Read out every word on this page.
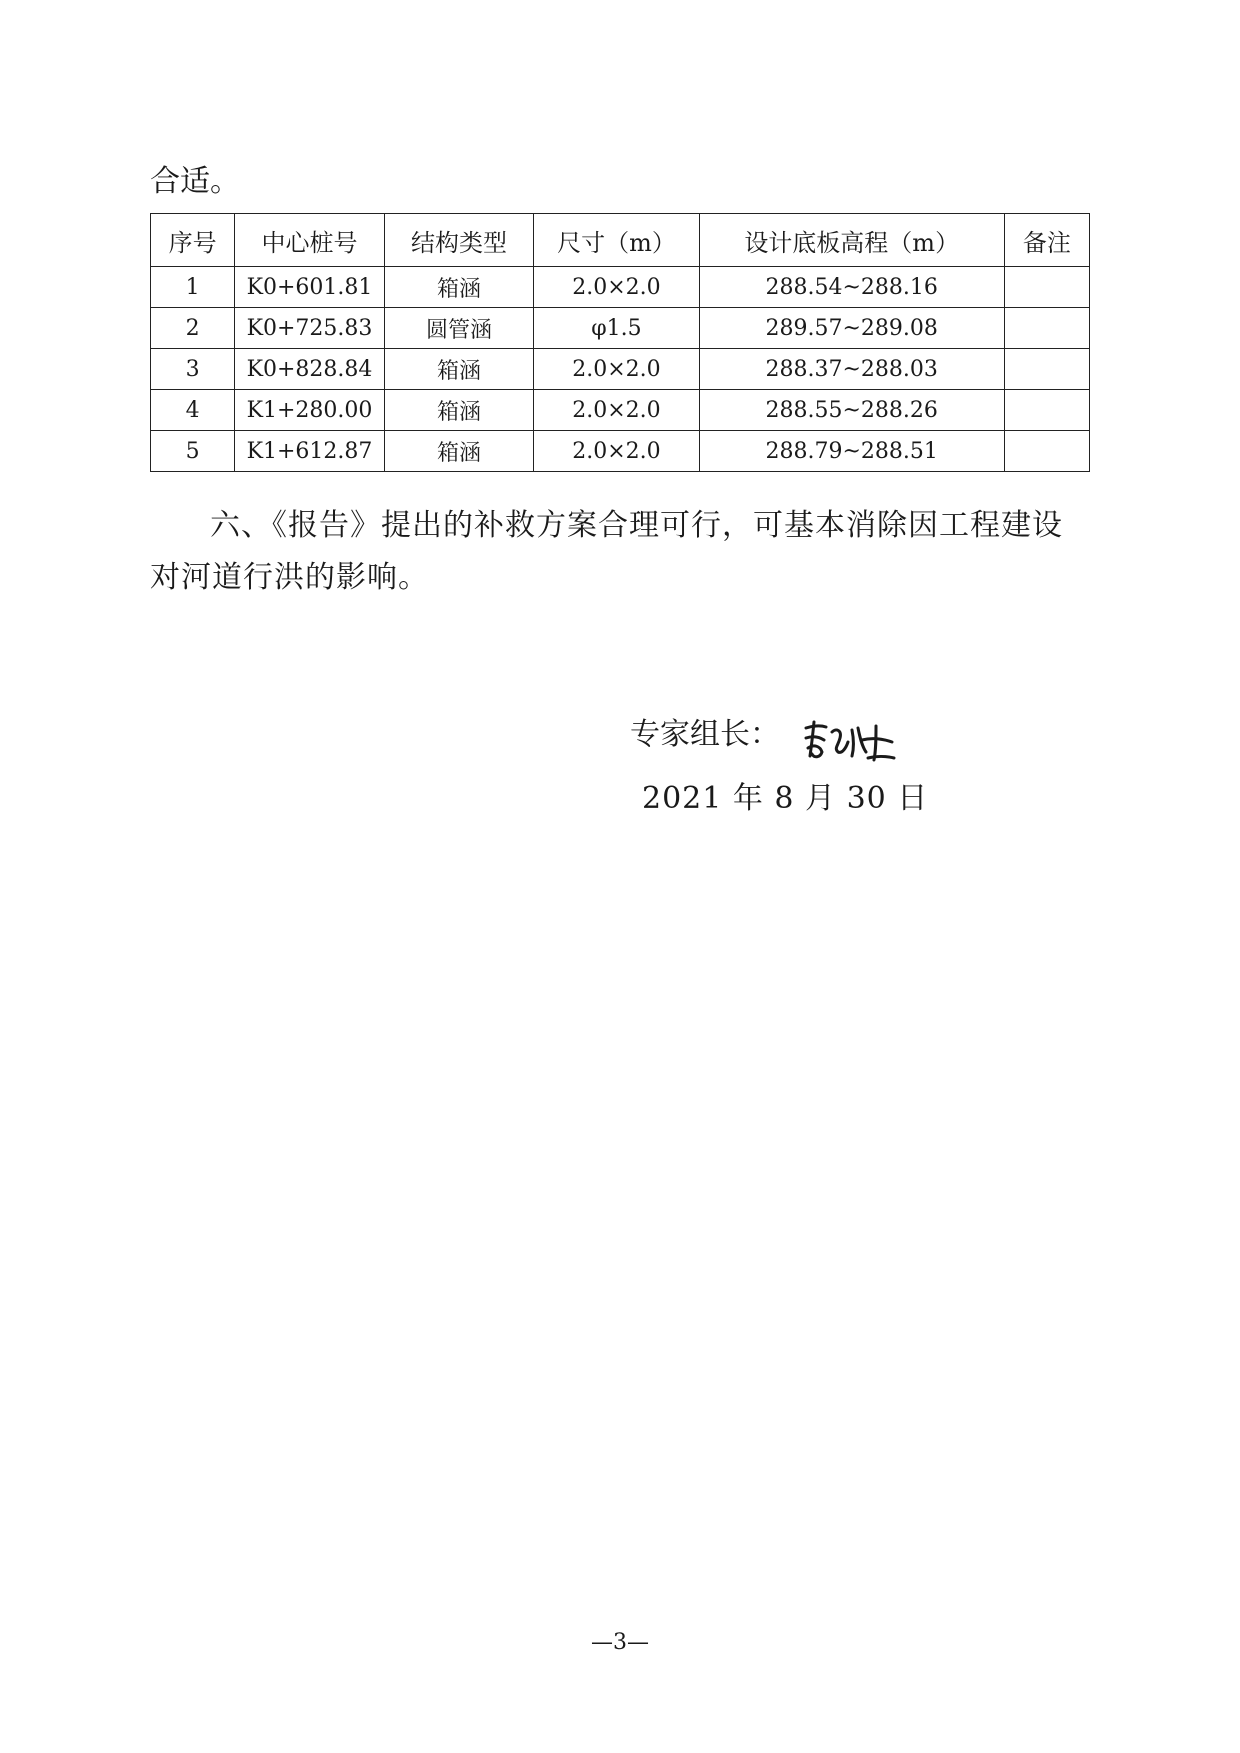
合适。
序号	中心桩号	结构类型	尺寸（m）	设计底板高程（m）	备注
1	K0+601.81	箱涵	2.0×2.0	288.54~288.16	
2	K0+725.83	圆管涵	φ1.5	289.57~289.08	
3	K0+828.84	箱涵	2.0×2.0	288.37~288.03	
4	K1+280.00	箱涵	2.0×2.0	288.55~288.26	
5	K1+612.87	箱涵	2.0×2.0	288.79~288.51	
六、《报告》提出的补救方案合理可行，可基本消除因工程建设对河道行洪的影响。
专家组长：
2021 年 8 月 30 日
—3—
